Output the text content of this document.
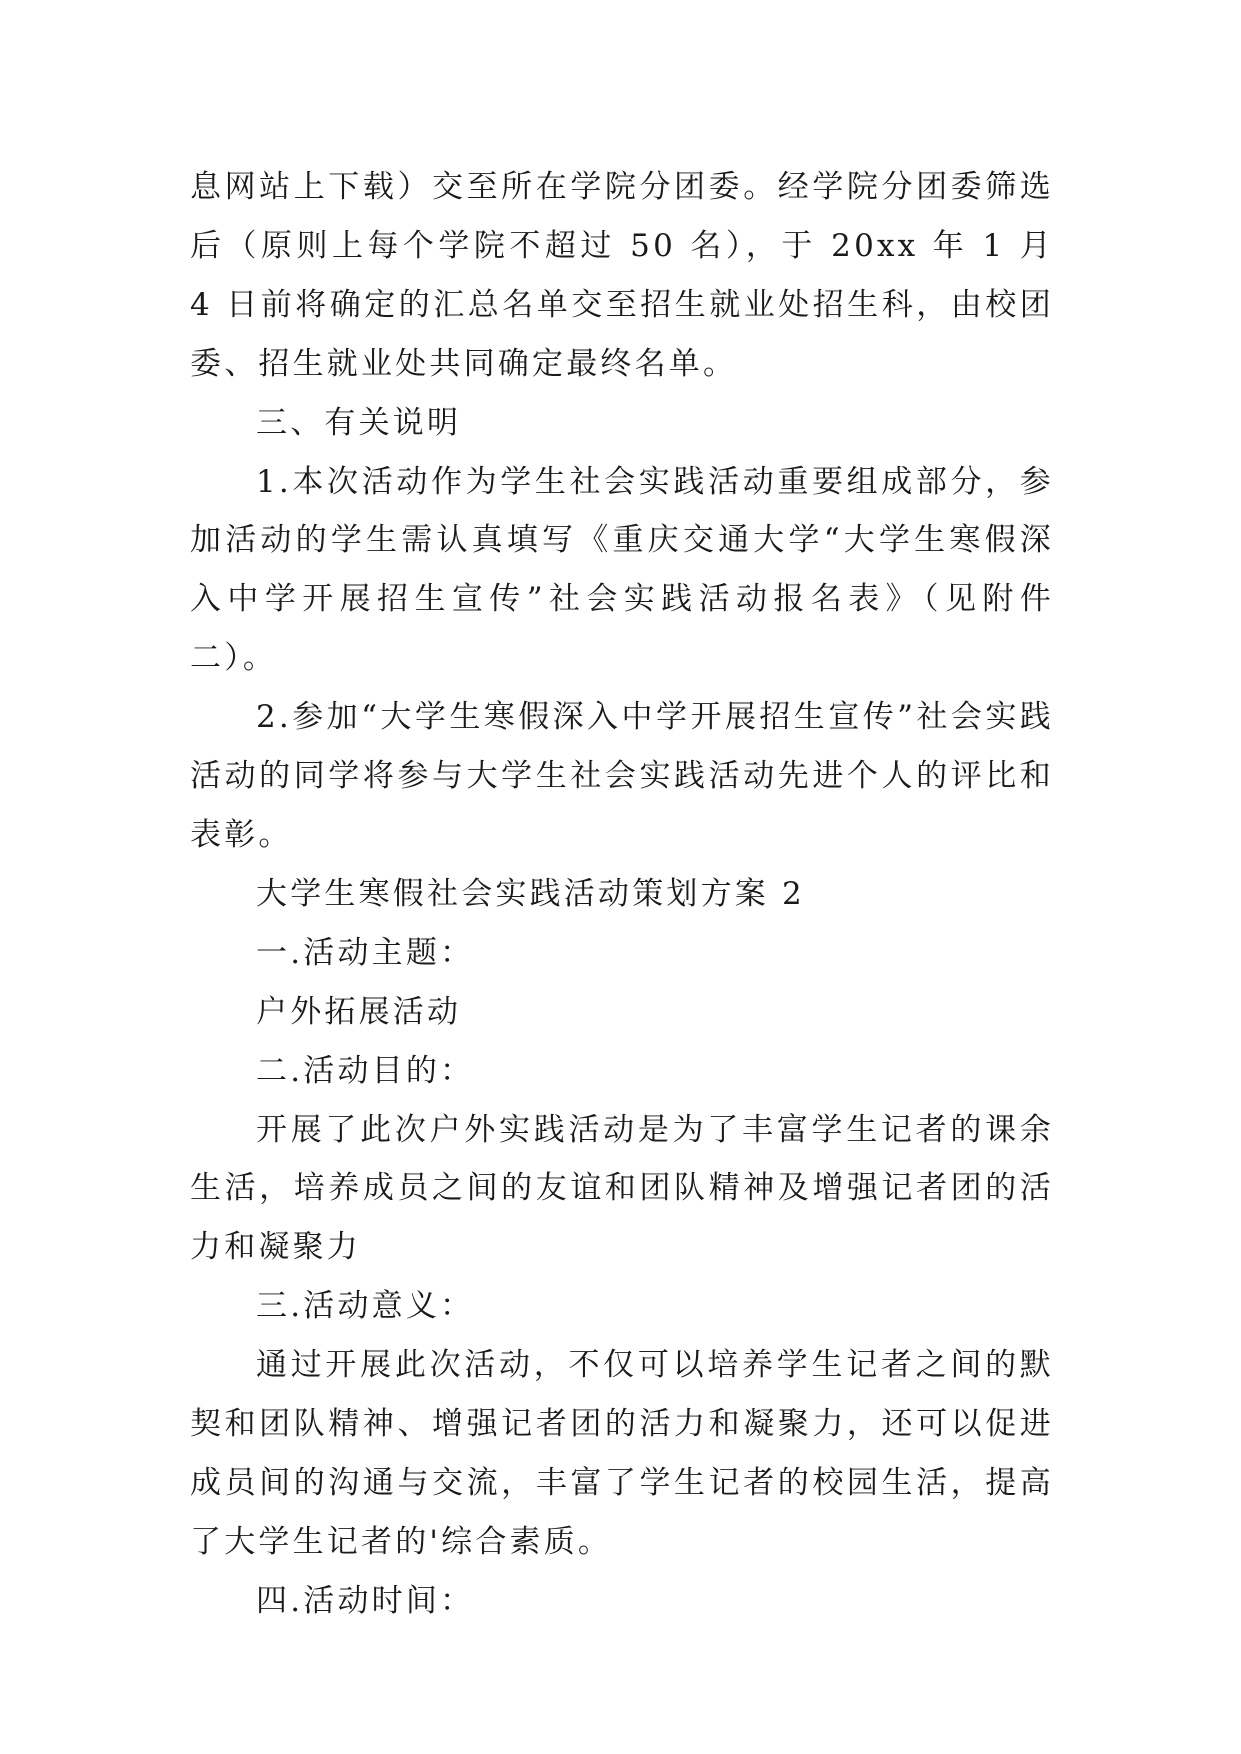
息网站上下载）交至所在学院分团委。经学院分团委筛选后（原则上每个学院不超过 50 名），于 20xx 年 1 月 4 日前将确定的汇总名单交至招生就业处招生科，由校团委、招生就业处共同确定最终名单。

三、有关说明

1.本次活动作为学生社会实践活动重要组成部分，参加活动的学生需认真填写《重庆交通大学“大学生寒假深入中学开展招生宣传”社会实践活动报名表》（见附件二）。

2.参加“大学生寒假深入中学开展招生宣传”社会实践活动的同学将参与大学生社会实践活动先进个人的评比和表彰。

大学生寒假社会实践活动策划方案 2

一.活动主题：

户外拓展活动

二.活动目的：

开展了此次户外实践活动是为了丰富学生记者的课余生活，培养成员之间的友谊和团队精神及增强记者团的活力和凝聚力

三.活动意义：

通过开展此次活动，不仅可以培养学生记者之间的默契和团队精神、增强记者团的活力和凝聚力，还可以促进成员间的沟通与交流，丰富了学生记者的校园生活，提高了大学生记者的'综合素质。

四.活动时间：
